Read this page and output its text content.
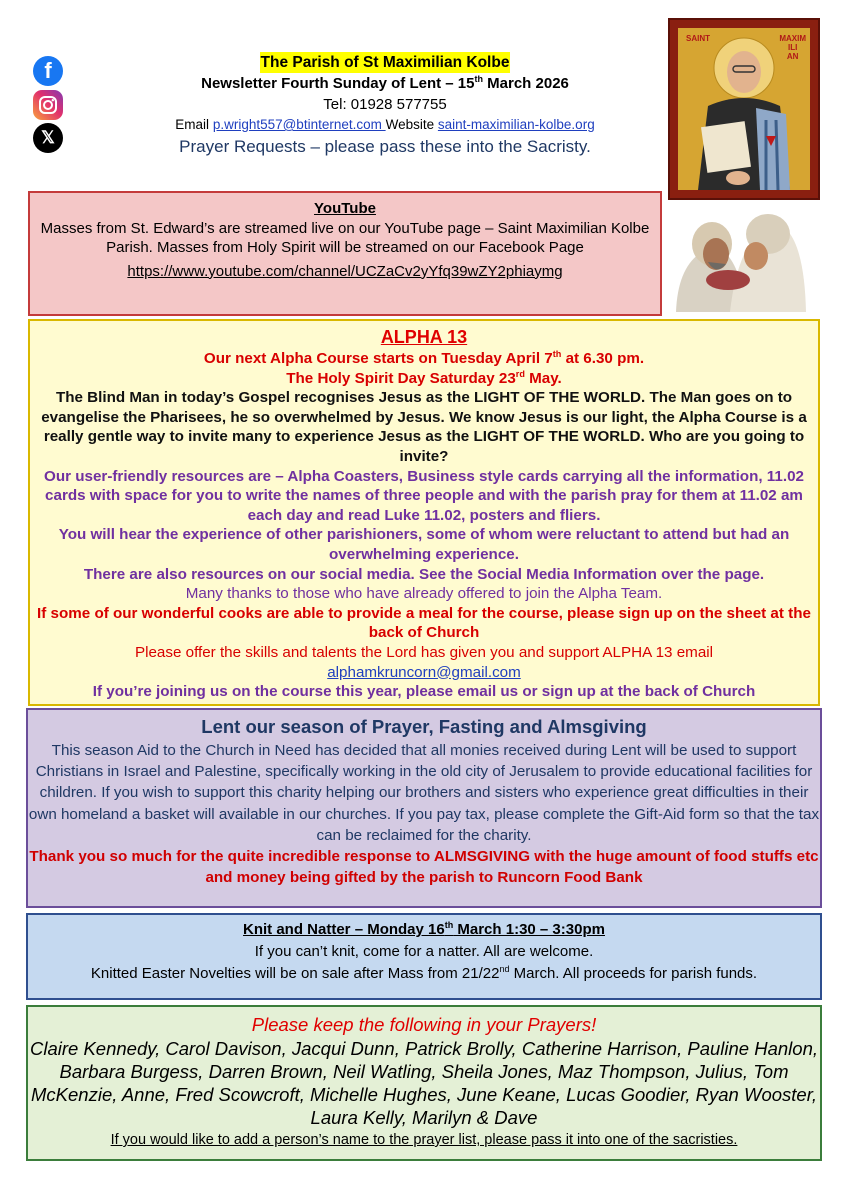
f
𝕏
The Parish of St Maximilian Kolbe
Newsletter Fourth Sunday of Lent – 15th March 2026
Tel: 01928 577755
Email p.wright557@btinternet.com Website saint-maximilian-kolbe.org
Prayer Requests – please pass these into the Sacristy.
SAINT	MAXIM
ILI
AN
YouTube
Masses from St. Edward’s are streamed live on our YouTube page – Saint Maximilian Kolbe Parish. Masses from Holy Spirit will be streamed on our Facebook Page
https://www.youtube.com/channel/UCZaCv2yYfq39wZY2phiaymg
ALPHA 13
Our next Alpha Course starts on Tuesday April 7th at 6.30 pm.
The Holy Spirit Day Saturday 23rd May.
The Blind Man in today’s Gospel recognises Jesus as the LIGHT OF THE WORLD. The Man goes on to evangelise the Pharisees, he so overwhelmed by Jesus. We know Jesus is our light, the Alpha Course is a really gentle way to invite many to experience Jesus as the LIGHT OF THE WORLD. Who are you going to invite?
Our user-friendly resources are – Alpha Coasters, Business style cards carrying all the information, 11.02 cards with space for you to write the names of three people and with the parish pray for them at 11.02 am each day and read Luke 11.02, posters and fliers.
You will hear the experience of other parishioners, some of whom were reluctant to attend but had an overwhelming experience.
There are also resources on our social media. See the Social Media Information over the page.
Many thanks to those who have already offered to join the Alpha Team.
If some of our wonderful cooks are able to provide a meal for the course, please sign up on the sheet at the back of Church
Please offer the skills and talents the Lord has given you and support ALPHA 13 email
alphamkruncorn@gmail.com
If you’re joining us on the course this year, please email us or sign up at the back of Church
Lent our season of Prayer, Fasting and Almsgiving
This season Aid to the Church in Need has decided that all monies received during Lent will be used to support Christians in Israel and Palestine, specifically working in the old city of Jerusalem to provide educational facilities for children. If you wish to support this charity helping our brothers and sisters who experience great difficulties in their own homeland a basket will available in our churches. If you pay tax, please complete the Gift-Aid form so that the tax can be reclaimed for the charity.
Thank you so much for the quite incredible response to ALMSGIVING with the huge amount of food stuffs etc and money being gifted by the parish to Runcorn Food Bank

Knit and Natter – Monday 16th March 1:30 – 3:30pm

If you can’t knit, come for a natter. All are welcome.

Knitted Easter Novelties will be on sale after Mass from 21/22nd March. All proceeds for parish funds.

Please keep the following in your Prayers!
Claire Kennedy, Carol Davison, Jacqui Dunn, Patrick Brolly, Catherine Harrison, Pauline Hanlon, Barbara Burgess, Darren Brown, Neil Watling, Sheila Jones, Maz Thompson, Julius, Tom McKenzie, Anne, Fred Scowcroft, Michelle Hughes, June Keane, Lucas Goodier, Ryan Wooster, Laura Kelly, Marilyn & Dave
If you would like to add a person’s name to the prayer list, please pass it into one of the sacristies.
